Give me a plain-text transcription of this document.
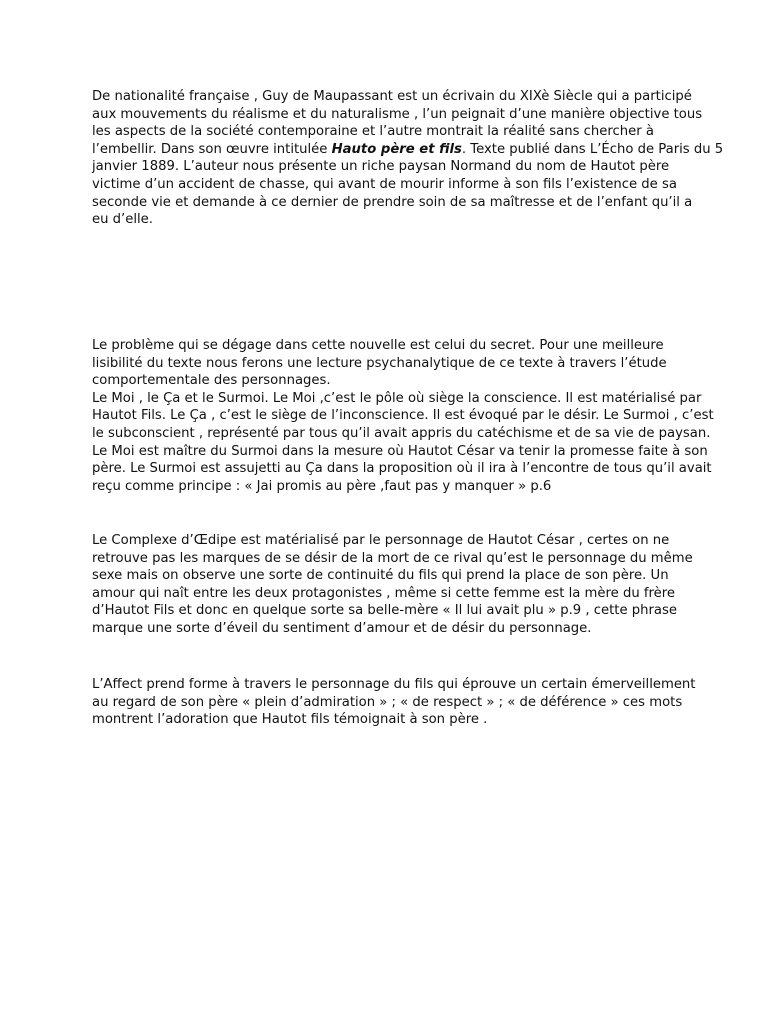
De nationalité française , Guy de Maupassant est un écrivain du XIXè Siècle qui a participé
aux mouvements du réalisme et du naturalisme , l’un peignait d’une manière objective tous
les aspects de la société contemporaine et l’autre montrait la réalité sans chercher à
l’embellir. Dans son œuvre intitulée Hauto père et fils. Texte publié dans L’Écho de Paris du 5
janvier 1889. L’auteur nous présente un riche paysan Normand du nom de Hautot père
victime d’un accident de chasse, qui avant de mourir informe à son fils l’existence de sa
seconde vie et demande à ce dernier de prendre soin de sa maîtresse et de l’enfant qu’il a
eu d’elle.

Le problème qui se dégage dans cette nouvelle est celui du secret. Pour une meilleure
lisibilité du texte nous ferons une lecture psychanalytique de ce texte à travers l’étude
comportementale des personnages.
Le Moi , le Ça et le Surmoi. Le Moi ,c’est le pôle où siège la conscience. Il est matérialisé par
Hautot Fils. Le Ça , c’est le siège de l’inconscience. Il est évoqué par le désir. Le Surmoi , c’est
le subconscient , représenté par tous qu’il avait appris du catéchisme et de sa vie de paysan.
Le Moi est maître du Surmoi dans la mesure où Hautot César va tenir la promesse faite à son
père. Le Surmoi est assujetti au Ça dans la proposition où il ira à l’encontre de tous qu’il avait
reçu comme principe : « Jai promis au père ,faut pas y manquer » p.6

Le Complexe d’Œdipe est matérialisé par le personnage de Hautot César , certes on ne
retrouve pas les marques de se désir de la mort de ce rival qu’est le personnage du même
sexe mais on observe une sorte de continuité du fils qui prend la place de son père. Un
amour qui naît entre les deux protagonistes , même si cette femme est la mère du frère
d’Hautot Fils et donc en quelque sorte sa belle-mère « Il lui avait plu » p.9 , cette phrase
marque une sorte d’éveil du sentiment d’amour et de désir du personnage.

L’Affect prend forme à travers le personnage du fils qui éprouve un certain émerveillement
au regard de son père « plein d’admiration » ; « de respect » ; « de déférence » ces mots
montrent l’adoration que Hautot fils témoignait à son père .
